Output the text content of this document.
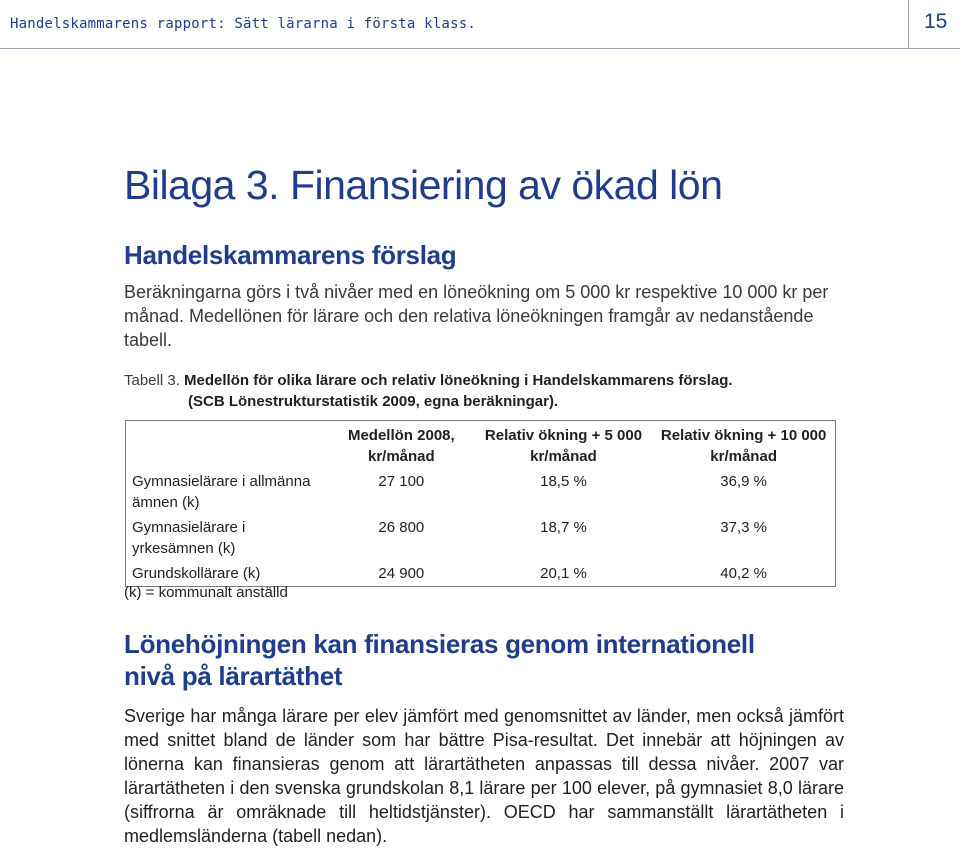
Handelskammarens rapport: Sätt lärarna i första klass.	15
Bilaga 3. Finansiering av ökad lön
Handelskammarens förslag

Beräkningarna görs i två nivåer med en löneökning om 5 000 kr respektive 10 000 kr per månad. Medellönen för lärare och den relativa löneökningen framgår av nedanstående tabell.

Tabell 3. Medellön för olika lärare och relativ löneökning i Handelskammarens förslag.
(SCB Lönestrukturstatistik 2009, egna beräkningar).
	Medellön 2008, kr/månad	Relativ ökning + 5 000 kr/månad	Relativ ökning + 10 000 kr/månad
Gymnasielärare i allmänna ämnen (k)	27 100	18,5 %	36,9 %
Gymnasielärare i yrkesämnen (k)	26 800	18,7 %	37,3 %
Grundskollärare (k)	24 900	20,1 %	40,2 %
(k) = kommunalt anställd
Lönehöjningen kan finansieras genom internationell nivå på lärartäthet

Sverige har många lärare per elev jämfört med genomsnittet av länder, men också jämfört med snittet bland de länder som har bättre Pisa-resultat. Det innebär att höjningen av lönerna kan finansieras genom att lärartätheten anpassas till dessa nivåer. 2007 var lärartätheten i den svenska grundskolan 8,1 lärare per 100 elever, på gymnasiet 8,0 lärare (siffrorna är omräknade till heltidstjänster). OECD har sammanställt lärartätheten i medlemsländerna (tabell nedan).
